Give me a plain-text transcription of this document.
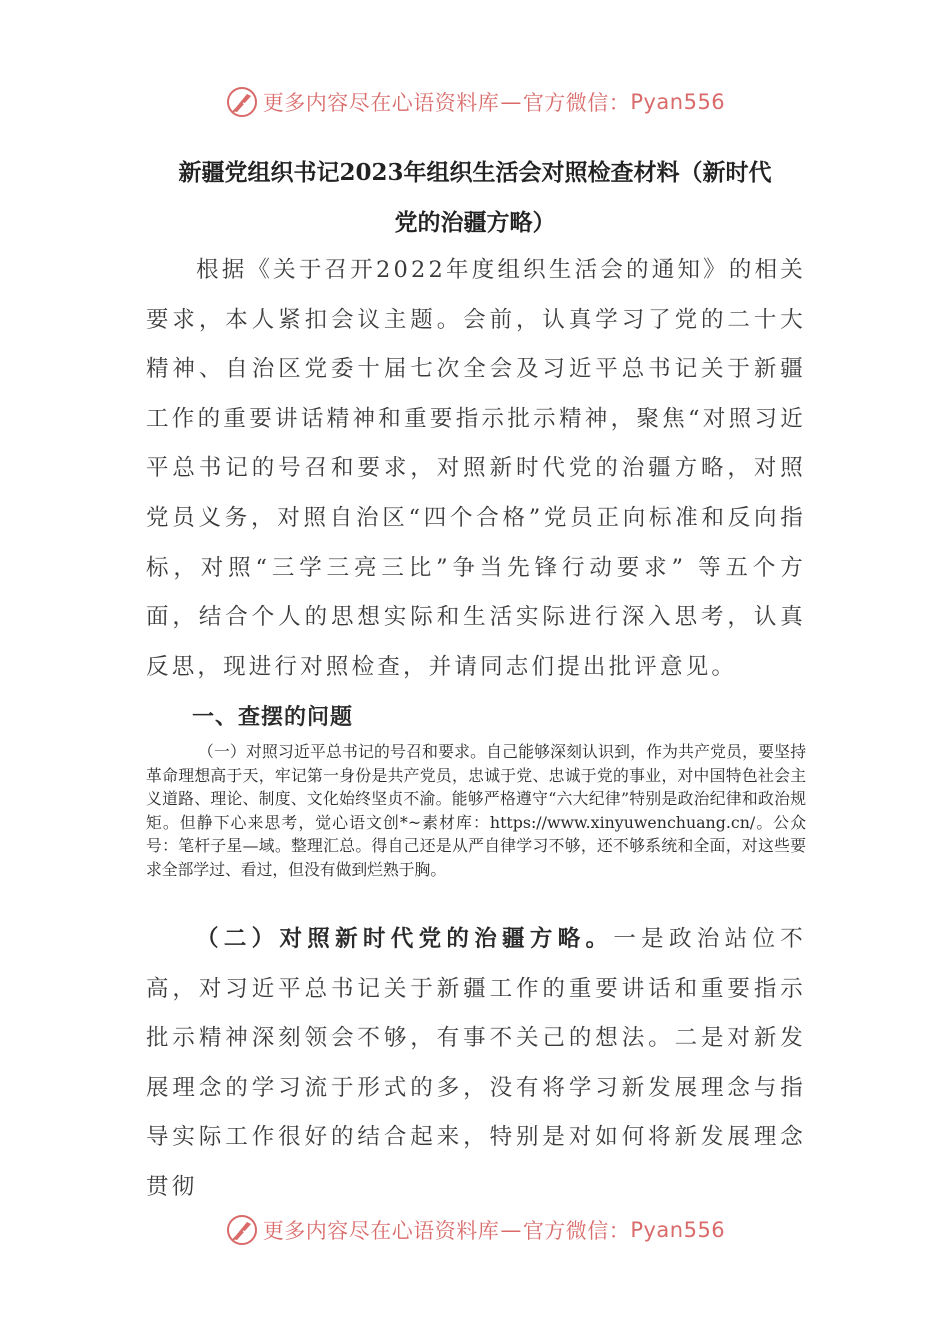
更多内容尽在心语资料库 — 官方微信： Pyan556
新疆党组织书记2023年组织生活会对照检查材料（新时代
党的治疆方略）

根据《关于召开2022年度组织生活会的通知》的相关要求，本人紧扣会议主题。会前，认真学习了党的二十大精神、自治区党委十届七次全会及习近平总书记关于新疆工作的重要讲话精神和重要指示批示精神，聚焦“对照习近平总书记的号召和要求，对照新时代党的治疆方略，对照党员义务，对照自治区“四个合格”党员正向标准和反向指标，对照“三学三亮三比”争当先锋行动要求” 等五个方面，结合个人的思想实际和生活实际进行深入思考，认真反思，现进行对照检查，并请同志们提出批评意见。

一、查摆的问题

（一）对照习近平总书记的号召和要求。自己能够深刻认识到，作为共产党员，要坚持革命理想高于天，牢记第一身份是共产党员，忠诚于党、忠诚于党的事业，对中国特色社会主义道路、理论、制度、文化始终坚贞不渝。能够严格遵守“六大纪律”特别是政治纪律和政治规矩。但静下心来思考，觉心语文创*~素材库：https://www.xinyuwenchuang.cn/。公众号：笔杆子星—域。整理汇总。得自己还是从严自律学习不够，还不够系统和全面，对这些要求全部学过、看过，但没有做到烂熟于胸。

（二）对照新时代党的治疆方略。一是政治站位不高，对习近平总书记关于新疆工作的重要讲话和重要指示批示精神深刻领会不够，有事不关己的想法。二是对新发展理念的学习流于形式的多，没有将学习新发展理念与指导实际工作很好的结合起来，特别是对如何将新发展理念贯彻

更多内容尽在心语资料库 — 官方微信： Pyan556
